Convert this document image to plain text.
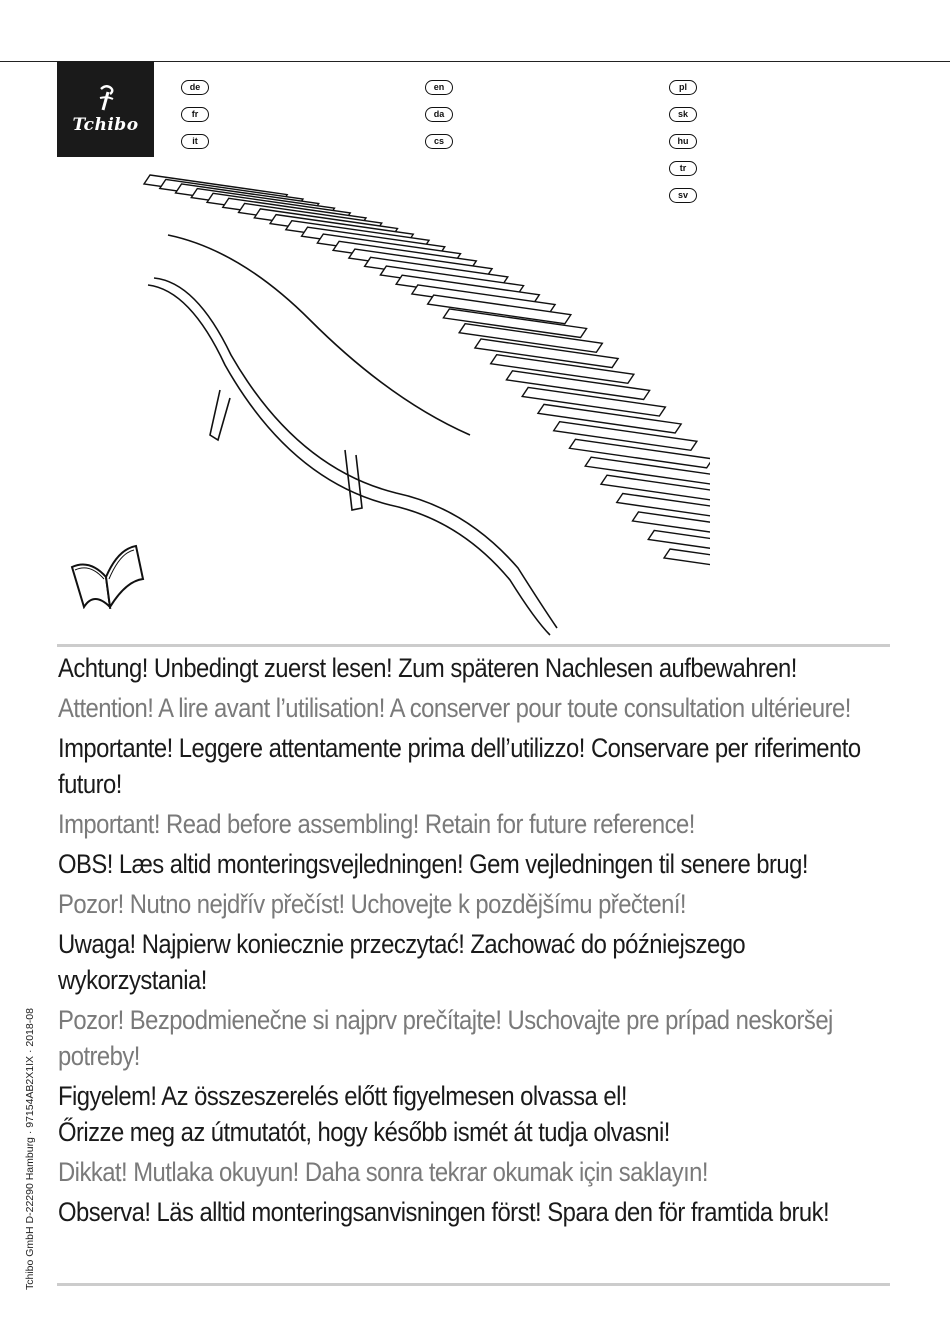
Tchibo
de
fr
it
en
da
cs
pl
sk
hu
tr
sv

Achtung! Unbedingt zuerst lesen! Zum späteren Nachlesen aufbewahren!

Attention! A lire avant l’utilisation! A conserver pour toute consultation ultérieure!

Importante! Leggere attentamente prima dell’utilizzo! Conservare per riferimento futuro!

Important! Read before assembling! Retain for future reference!

OBS! Læs altid monteringsvejledningen! Gem vejledningen til senere brug!

Pozor! Nutno nejdřív přečíst! Uchovejte k pozdějšímu přečtení!

Uwaga! Najpierw koniecznie przeczytać! Zachować do późniejszego wykorzystania!

Pozor! Bezpodmienečne si najprv prečítajte! Uschovajte pre prípad neskoršej potreby!

Figyelem! Az összeszerelés előtt figyelmesen olvassa el!
Őrizze meg az útmutatót, hogy később ismét át tudja olvasni!

Dikkat! Mutlaka okuyun! Daha sonra tekrar okumak için saklayın!

Observa! Läs alltid monteringsanvisningen först! Spara den för framtida bruk!

Tchibo GmbH D-22290 Hamburg · 97154AB2X1IX · 2018-08
